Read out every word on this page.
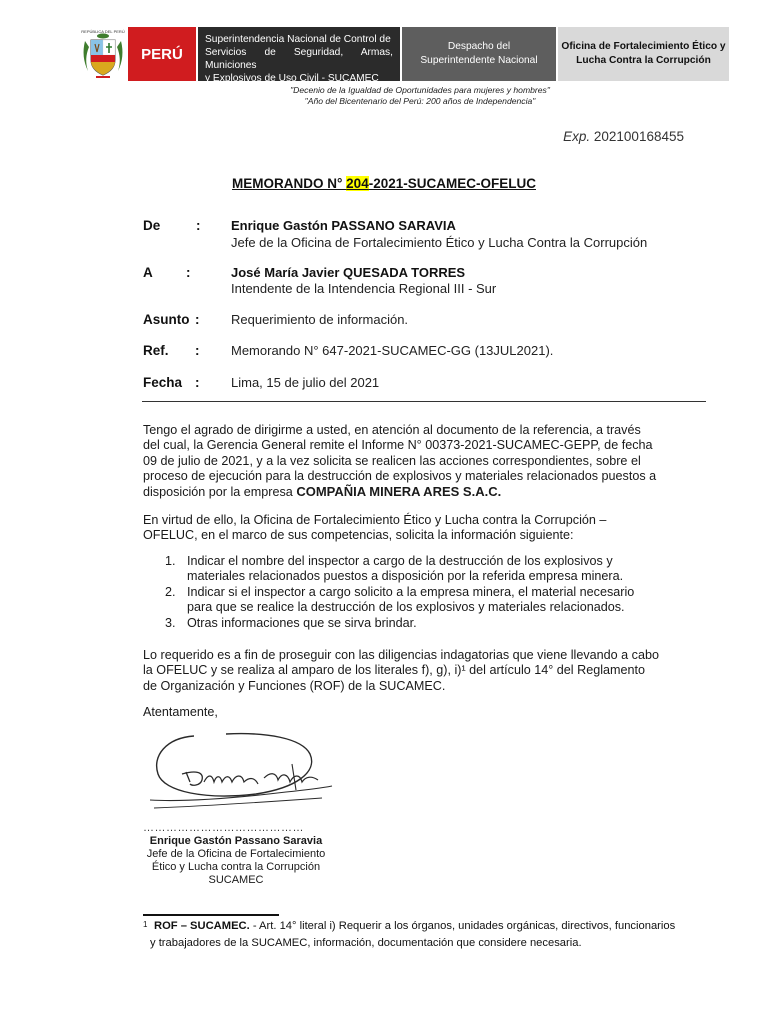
REPÚBLICA DEL PERÚ
PERÚ
Superintendencia Nacional de Control de
Servicios de Seguridad, Armas, Municiones
y Explosivos de Uso Civil - SUCAMEC
Despacho del
Superintendente Nacional
Oficina de Fortalecimiento Ético y
Lucha Contra la Corrupción
"Decenio de la Igualdad de Oportunidades para mujeres y hombres"
"Año del Bicentenario del Perú: 200 años de Independencia"
Exp. 202100168455
MEMORANDO N° 204-2021-SUCAMEC-OFELUC
De	: Enrique Gastón PASSANO SARAVIA
Jefe de la Oficina de Fortalecimiento Ético y Lucha Contra la Corrupción
A :	José María Javier QUESADA TORRES
Intendente de la Intendencia Regional III - Sur
Asunto : Requerimiento de información.
Ref. : Memorando N° 647-2021-SUCAMEC-GG (13JUL2021).
Fecha : Lima, 15 de julio del 2021
Tengo el agrado de dirigirme a usted, en atención al documento de la referencia, a través
del cual, la Gerencia General remite el Informe N° 00373-2021-SUCAMEC-GEPP, de fecha
09 de julio de 2021, y a la vez solicita se realicen las acciones correspondientes, sobre el
proceso de ejecución para la destrucción de explosivos y materiales relacionados puestos a
disposición por la empresa COMPAÑIA MINERA ARES S.A.C.
En virtud de ello, la Oficina de Fortalecimiento Ético y Lucha contra la Corrupción –
OFELUC, en el marco de sus competencias, solicita la información siguiente:
1. Indicar el nombre del inspector a cargo de la destrucción de los explosivos y
materiales relacionados puestos a disposición por la referida empresa minera.
2. Indicar si el inspector a cargo solicito a la empresa minera, el material necesario
para que se realice la destrucción de los explosivos y materiales relacionados.
3. Otras informaciones que se sirva brindar.
Lo requerido es a fin de proseguir con las diligencias indagatorias que viene llevando a cabo
la OFELUC y se realiza al amparo de los literales f), g), i)¹ del artículo 14° del Reglamento
de Organización y Funciones (ROF) de la SUCAMEC.
Atentamente,
……………………………………
Enrique Gastón Passano Saravia
Jefe de la Oficina de Fortalecimiento
Ético y Lucha contra la Corrupción
SUCAMEC
1 ROF – SUCAMEC. - Art. 14° literal i) Requerir a los órganos, unidades orgánicas, directivos, funcionarios
y trabajadores de la SUCAMEC, información, documentación que considere necesaria.
